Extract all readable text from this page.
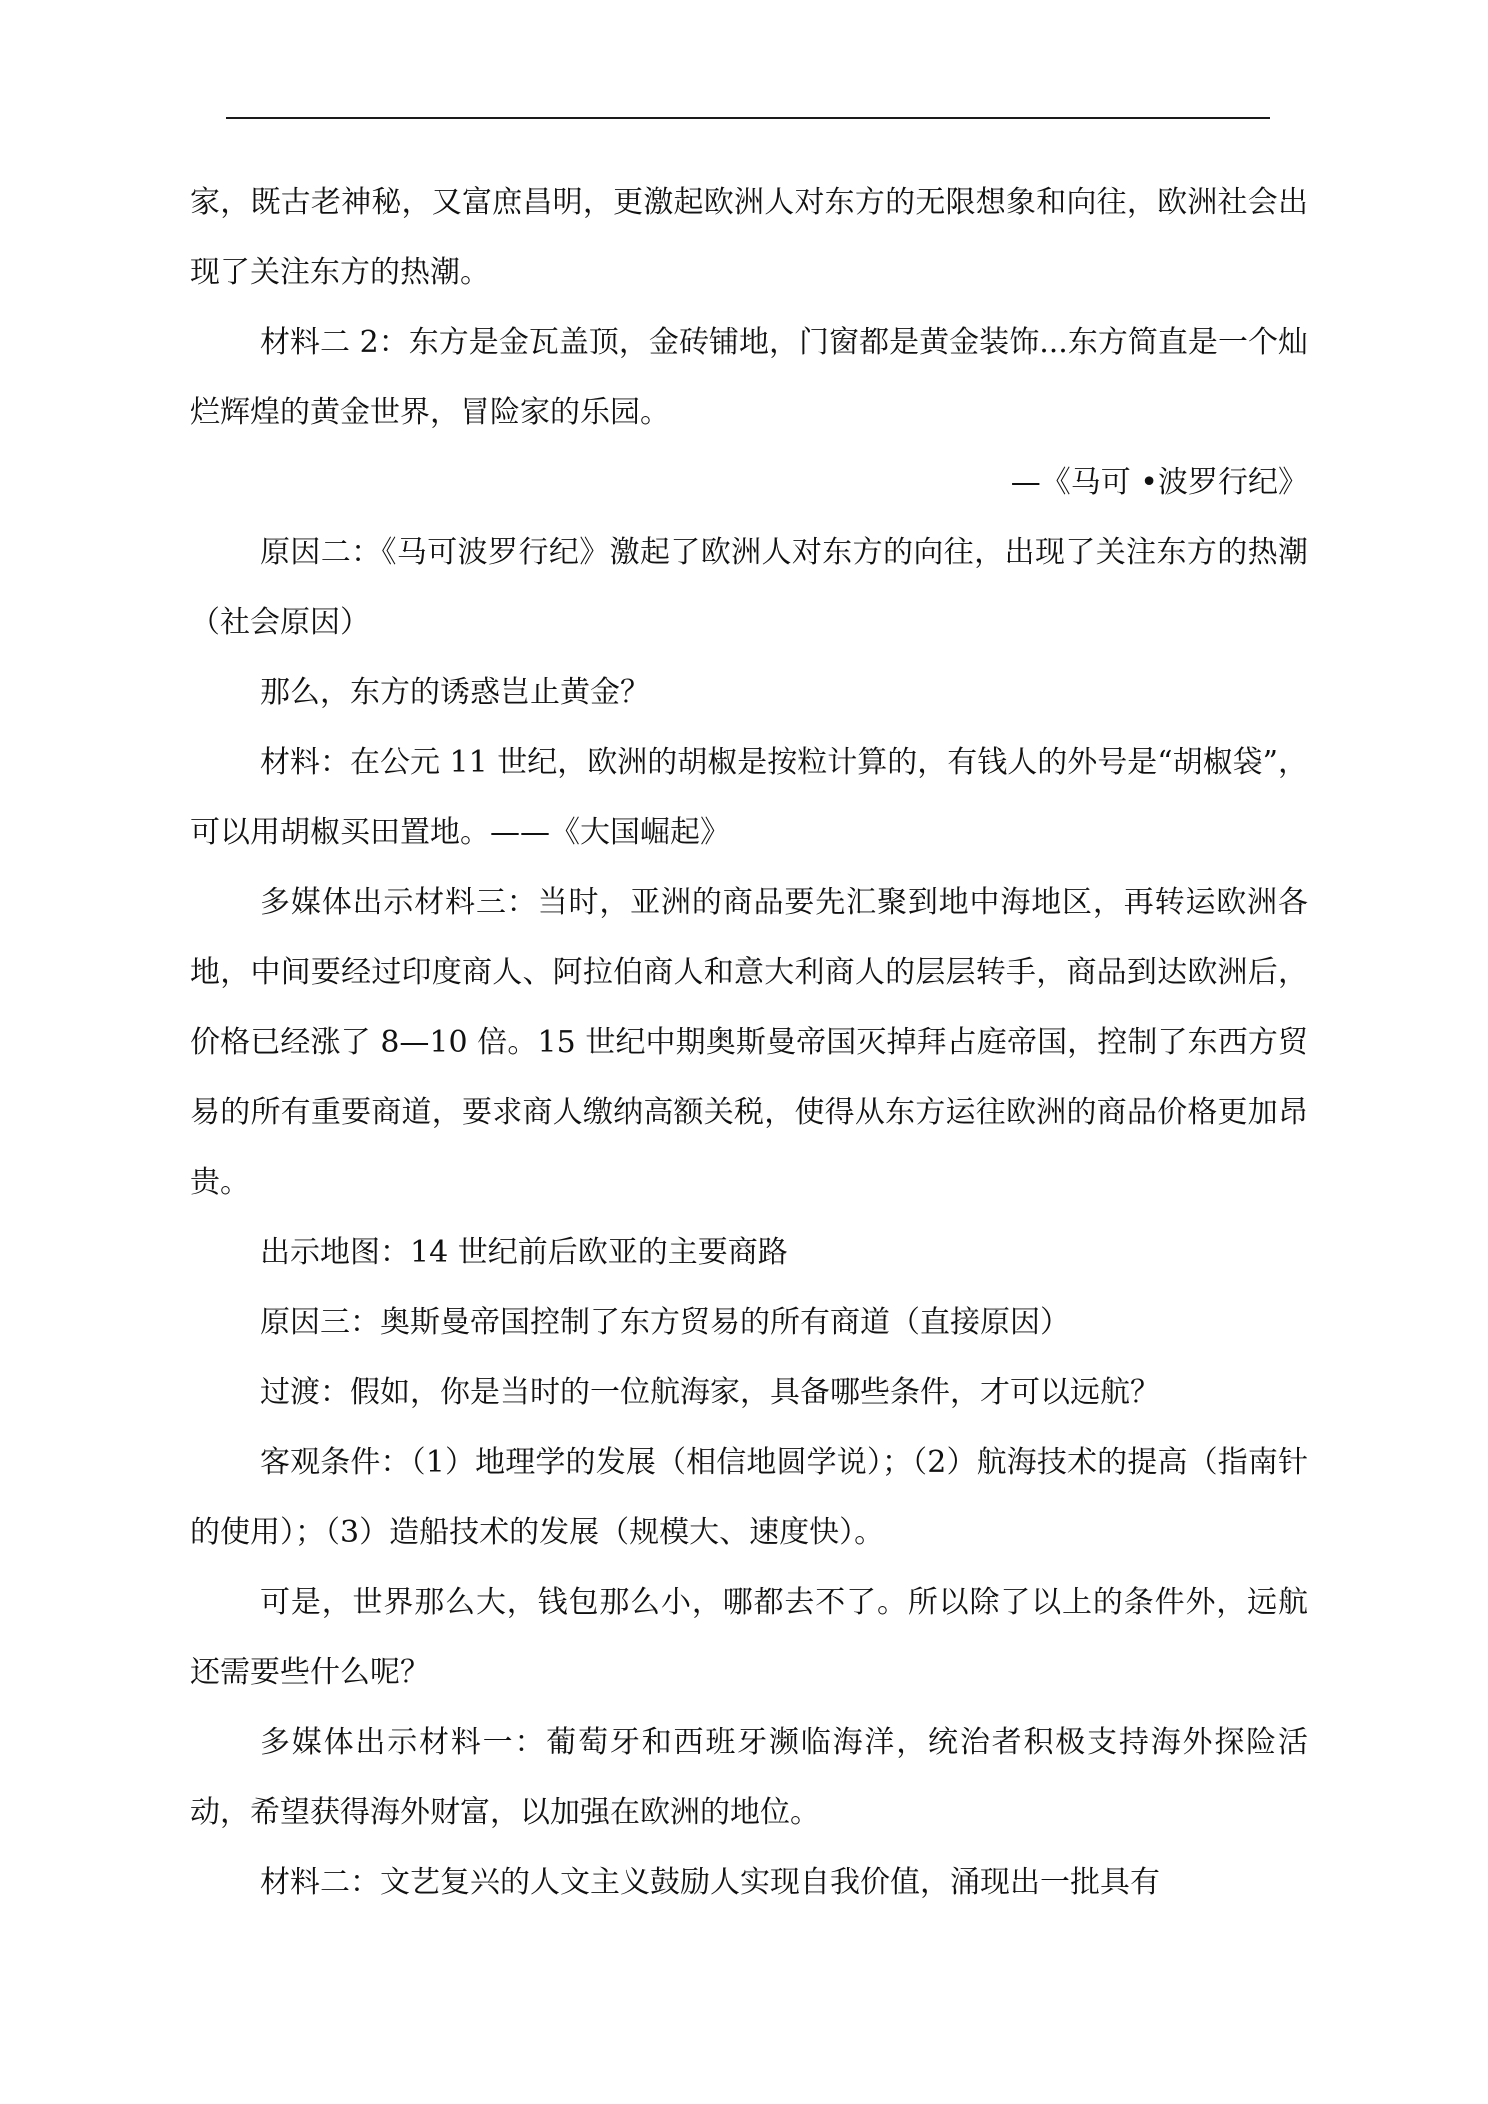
家，既古老神秘，又富庶昌明，更激起欧洲人对东方的无限想象和向往，欧洲社会出现了关注东方的热潮。

材料二 2：东方是金瓦盖顶，金砖铺地，门窗都是黄金装饰...东方简直是一个灿烂辉煌的黄金世界，冒险家的乐园。

—《马可 •波罗行纪》

原因二：《马可波罗行纪》激起了欧洲人对东方的向往，出现了关注东方的热潮（社会原因）

那么，东方的诱惑岂止黄金？

材料：在公元 11 世纪，欧洲的胡椒是按粒计算的，有钱人的外号是“胡椒袋”，可以用胡椒买田置地。——《大国崛起》

多媒体出示材料三：当时，亚洲的商品要先汇聚到地中海地区，再转运欧洲各地，中间要经过印度商人、阿拉伯商人和意大利商人的层层转手，商品到达欧洲后，价格已经涨了 8—10 倍。15 世纪中期奥斯曼帝国灭掉拜占庭帝国，控制了东西方贸易的所有重要商道，要求商人缴纳高额关税，使得从东方运往欧洲的商品价格更加昂贵。

出示地图：14 世纪前后欧亚的主要商路

原因三：奥斯曼帝国控制了东方贸易的所有商道（直接原因）

过渡：假如，你是当时的一位航海家，具备哪些条件，才可以远航？

客观条件：（1）地理学的发展（相信地圆学说）；（2）航海技术的提高（指南针的使用）；（3）造船技术的发展（规模大、速度快）。

可是，世界那么大，钱包那么小，哪都去不了。所以除了以上的条件外，远航还需要些什么呢？

多媒体出示材料一：葡萄牙和西班牙濒临海洋，统治者积极支持海外探险活动，希望获得海外财富，以加强在欧洲的地位。

材料二：文艺复兴的人文主义鼓励人实现自我价值，涌现出一批具有
